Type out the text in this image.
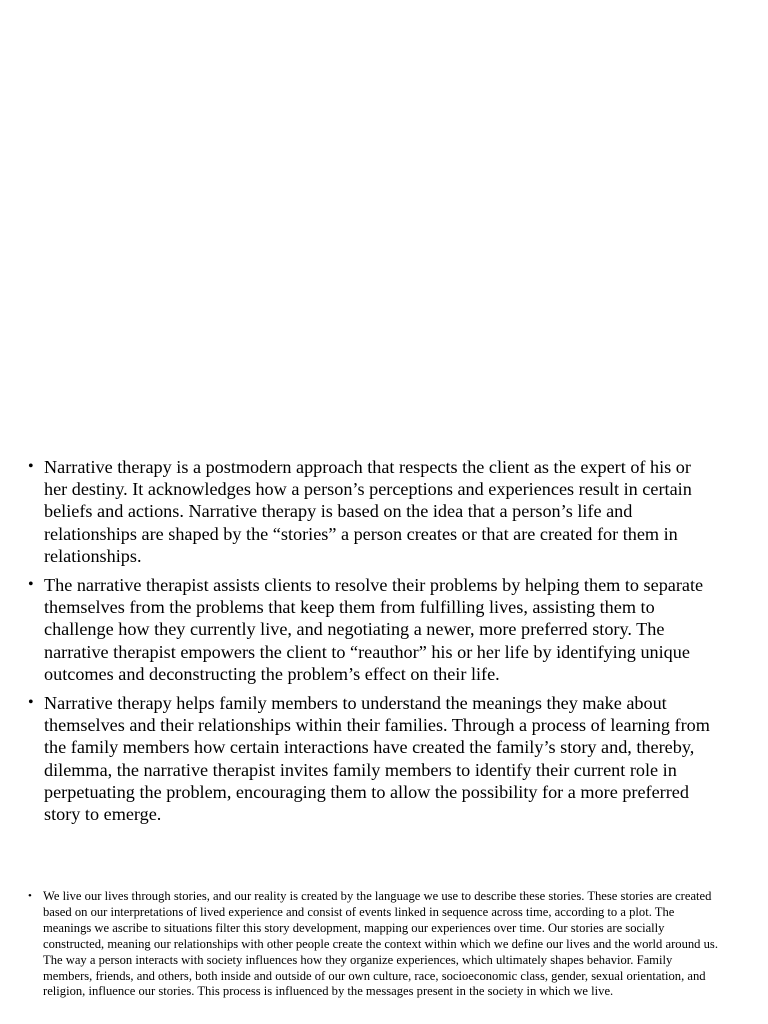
• Narrative therapy is a postmodern approach that respects the client as the expert of his or her destiny. It acknowledges how a person’s perceptions and experiences result in certain beliefs and actions. Narrative therapy is based on the idea that a person’s life and relationships are shaped by the “stories” a person creates or that are created for them in relationships.
• The narrative therapist assists clients to resolve their problems by helping them to separate themselves from the problems that keep them from fulfilling lives, assisting them to challenge how they currently live, and negotiating a newer, more preferred story. The narrative therapist empowers the client to “reauthor” his or her life by identifying unique outcomes and deconstructing the problem’s effect on their life.
• Narrative therapy helps family members to understand the meanings they make about themselves and their relationships within their families. Through a process of learning from the family members how certain interactions have created the family’s story and, thereby, dilemma, the narrative therapist invites family members to identify their current role in perpetuating the problem, encouraging them to allow the possibility for a more preferred story to emerge.
• We live our lives through stories, and our reality is created by the language we use to describe these stories. These stories are created based on our interpretations of lived experience and consist of events linked in sequence across time, according to a plot. The meanings we ascribe to situations filter this story development, mapping our experiences over time. Our stories are socially constructed, meaning our relationships with other people create the context within which we define our lives and the world around us. The way a person interacts with society influences how they organize experiences, which ultimately shapes behavior. Family members, friends, and others, both inside and outside of our own culture, race, socioeconomic class, gender, sexual orientation, and religion, influence our stories. This process is influenced by the messages present in the society in which we live.
